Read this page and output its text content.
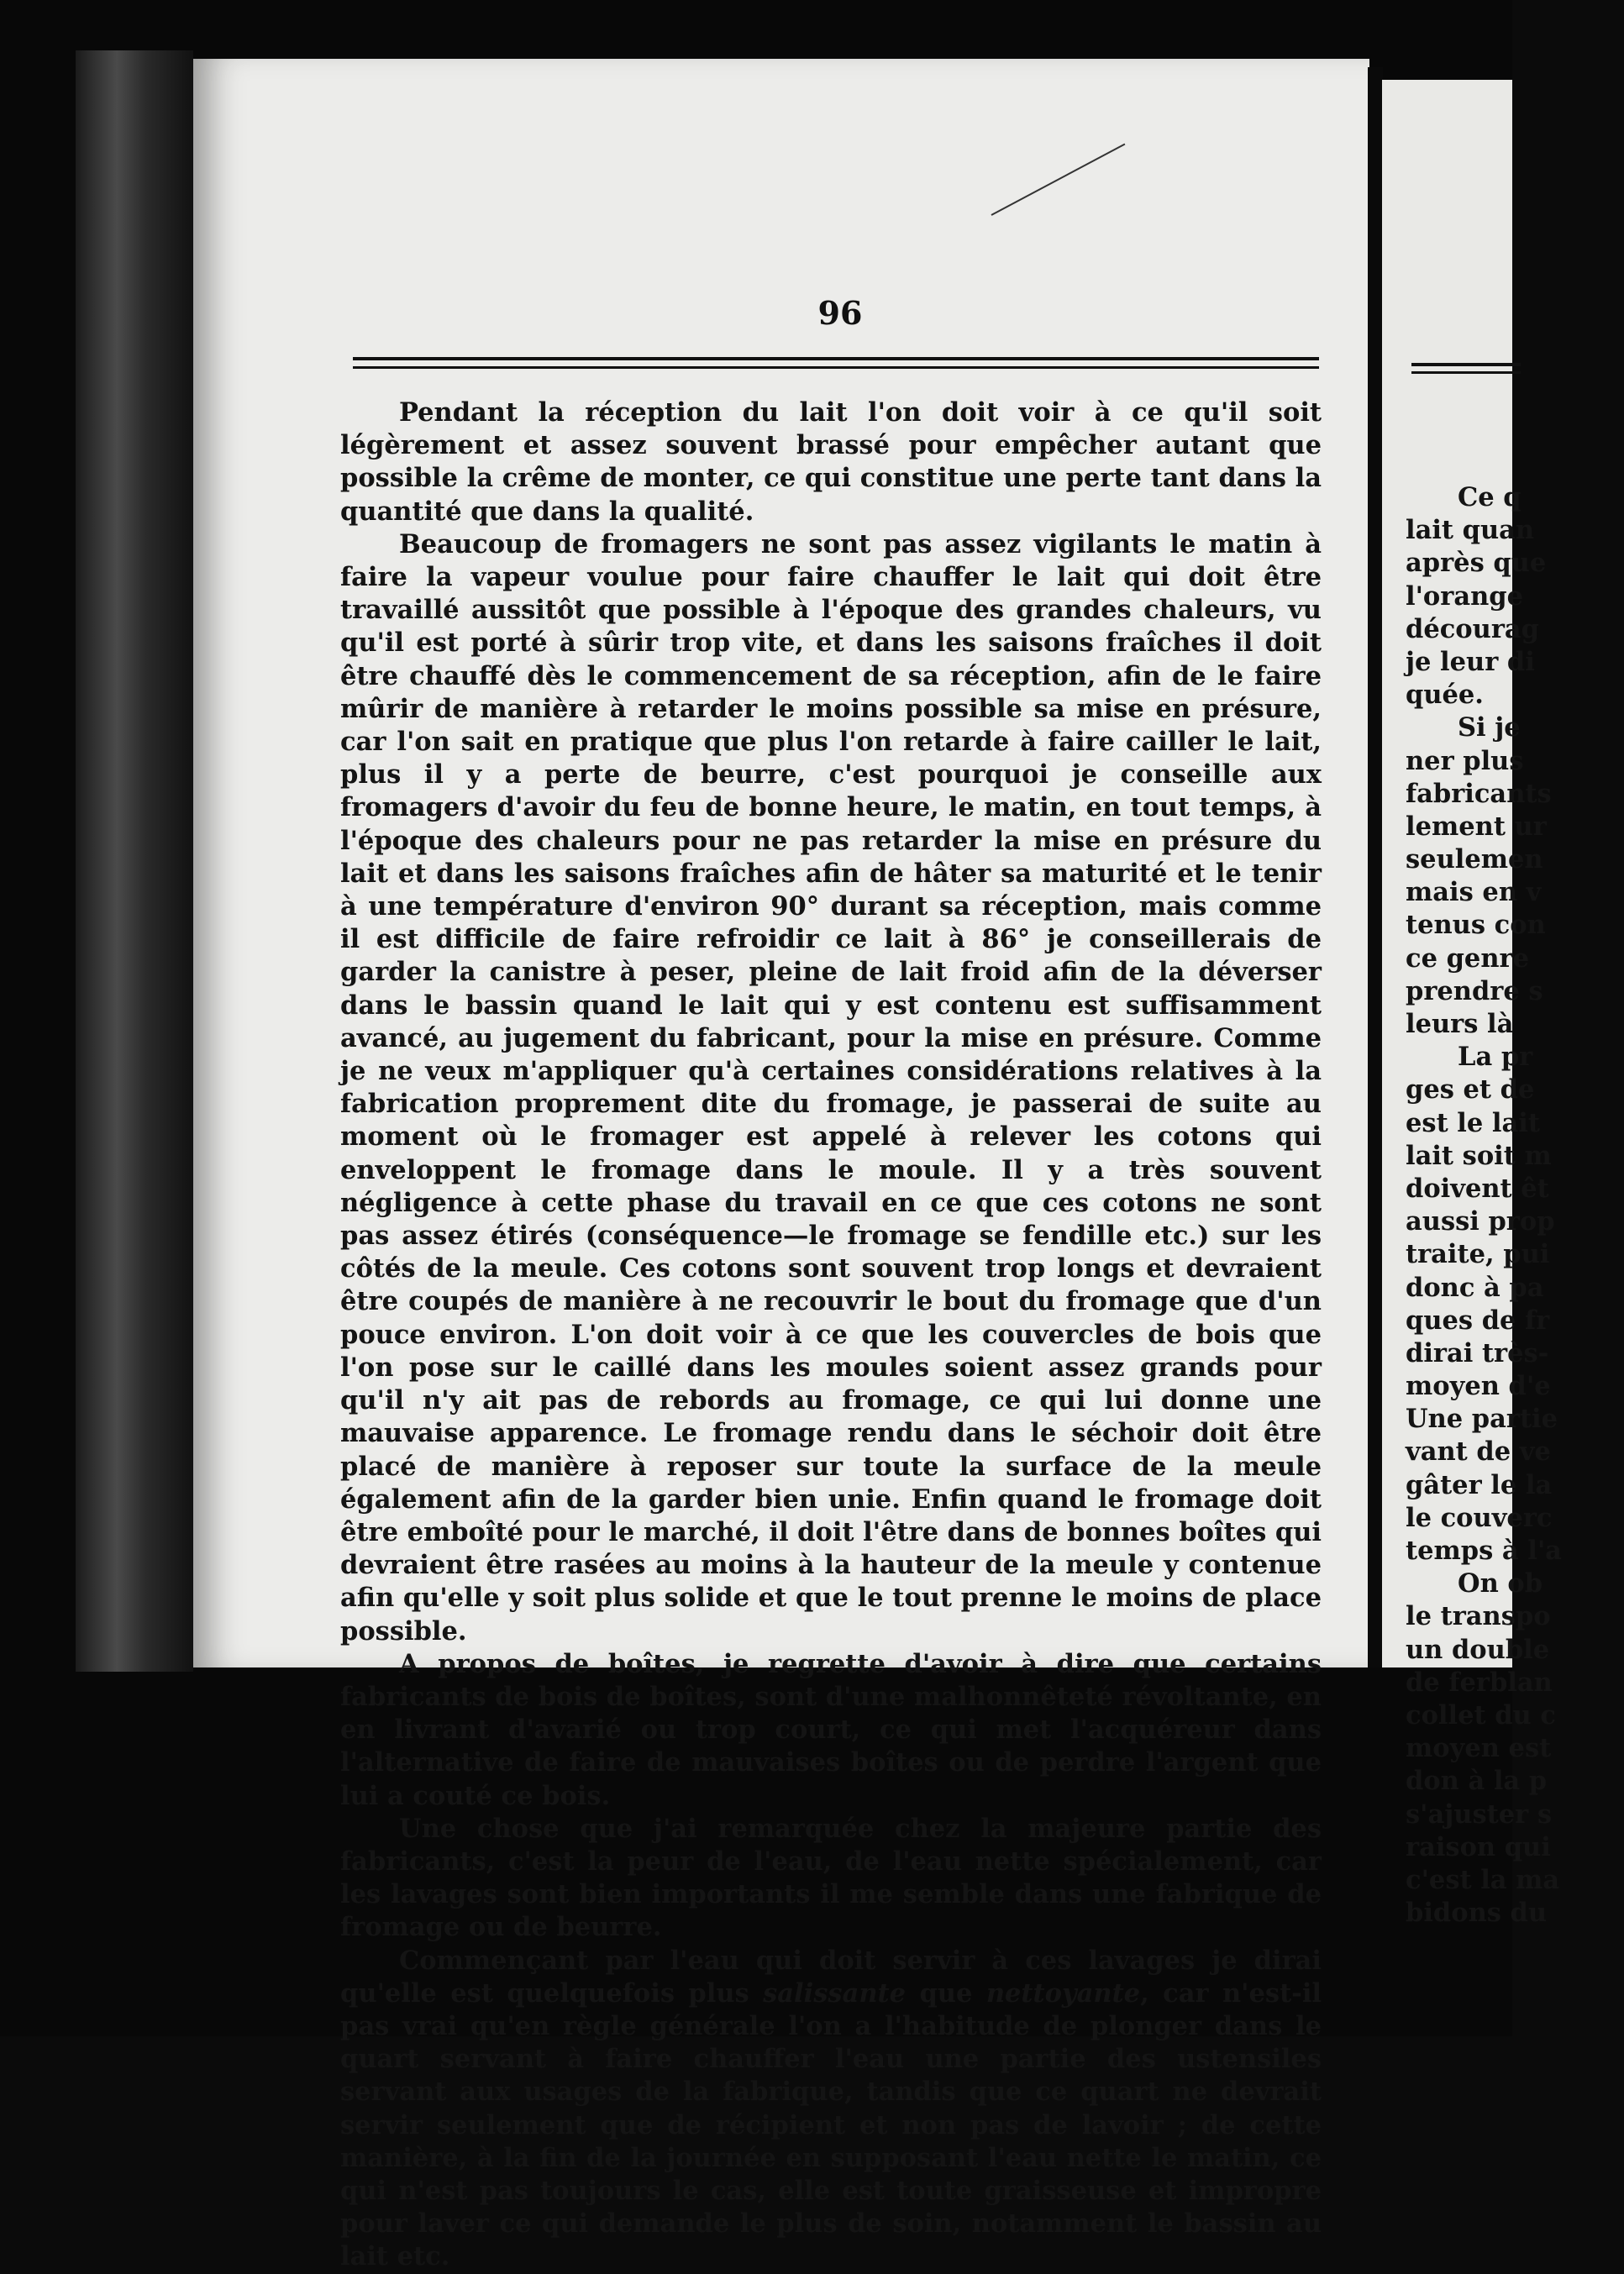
Ce q
lait quan
après que
l'orange
décourag
je leur di
quée.
Si je
ner plus
fabricants
lement ur
seulemen
mais en v
tenus con
ce genre
prendre s
leurs là
La pr
ges et de
est le lait
lait soit m
doivent êt
aussi prop
traite, pui
donc à pa
ques de fr
dirai très-
moyen d'e
Une partie
vant de ve
gâter le la
le couverc
temps à l'a
On ob
le transpo
un double
de ferblan
collet du c
moyen est
don à la p
s'ajuster s
raison qui
c'est la ma
bidons du
96

Pendant la réception du lait l'on doit voir à ce qu'il soit légèrement et assez souvent brassé pour empêcher autant que possible la crême de monter, ce qui constitue une perte tant dans la quantité que dans la qualité.

Beaucoup de fromagers ne sont pas assez vigilants le matin à faire la vapeur voulue pour faire chauffer le lait qui doit être travaillé aussitôt que possible à l'époque des grandes chaleurs, vu qu'il est porté à sûrir trop vite, et dans les saisons fraîches il doit être chauffé dès le commencement de sa réception, afin de le faire mûrir de manière à retarder le moins possible sa mise en présure, car l'on sait en pratique que plus l'on retarde à faire cailler le lait, plus il y a perte de beurre, c'est pourquoi je conseille aux fromagers d'avoir du feu de bonne heure, le matin, en tout temps, à l'époque des chaleurs pour ne pas retarder la mise en présure du lait et dans les saisons fraîches afin de hâter sa maturité et le tenir à une température d'environ 90° durant sa réception, mais comme il est difficile de faire refroidir ce lait à 86° je conseillerais de garder la canistre à peser, pleine de lait froid afin de la déverser dans le bassin quand le lait qui y est contenu est suffisamment avancé, au jugement du fabricant, pour la mise en présure. Comme je ne veux m'appliquer qu'à certaines considérations relatives à la fabrication proprement dite du fromage, je passerai de suite au moment où le fromager est appelé à relever les cotons qui enveloppent le fromage dans le moule. Il y a très souvent négligence à cette phase du travail en ce que ces cotons ne sont pas assez étirés (conséquence—le fromage se fendille etc.) sur les côtés de la meule. Ces cotons sont souvent trop longs et devraient être coupés de manière à ne recouvrir le bout du fromage que d'un pouce environ. L'on doit voir à ce que les couvercles de bois que l'on pose sur le caillé dans les moules soient assez grands pour qu'il n'y ait pas de rebords au fromage, ce qui lui donne une mauvaise apparence. Le fromage rendu dans le séchoir doit être placé de manière à reposer sur toute la surface de la meule également afin de la garder bien unie. Enfin quand le fromage doit être emboîté pour le marché, il doit l'être dans de bonnes boîtes qui devraient être rasées au moins à la hauteur de la meule y contenue afin qu'elle y soit plus solide et que le tout prenne le moins de place possible.

A propos de boîtes, je regrette d'avoir à dire que certains fabricants de bois de boîtes, sont d'une malhonnêteté révoltante, en en livrant d'avarié ou trop court, ce qui met l'acquéreur dans l'alternative de faire de mauvaises boîtes ou de perdre l'argent que lui a couté ce bois.

Une chose que j'ai remarquée chez la majeure partie des fabricants, c'est la peur de l'eau, de l'eau nette spécialement, car les lavages sont bien importants il me semble dans une fabrique de fromage ou de beurre.

Commençant par l'eau qui doit servir à ces lavages je dirai qu'elle est quelquefois plus salissante que nettoyante, car n'est-il pas vrai qu'en règle générale l'on a l'habitude de plonger dans le quart servant à faire chauffer l'eau une partie des ustensiles servant aux usages de la fabrique, tandis que ce quart ne devrait servir seulement que de récipient et non pas de lavoir ; de cette manière, à la fin de la journée en supposant l'eau nette le matin, ce qui n'est pas toujours le cas, elle est toute graisseuse et impropre pour laver ce qui demande le plus de soin, notamment le bassin au lait etc.
